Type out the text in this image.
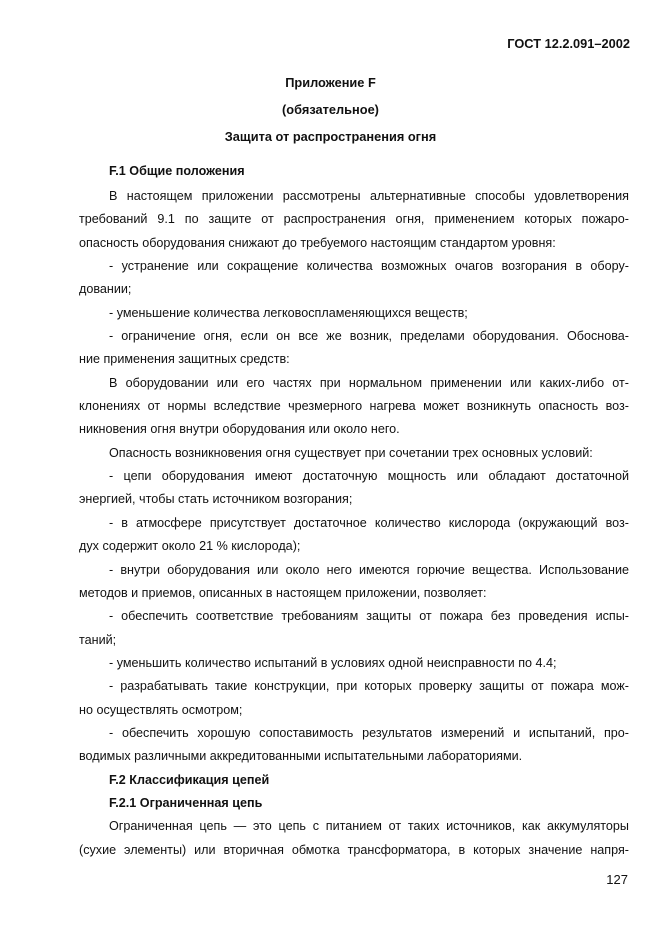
ГОСТ 12.2.091–2002
Приложение F
(обязательное)
Защита от распространения огня
F.1 Общие положения
В настоящем приложении рассмотрены альтернативные способы удовлетворения
требований 9.1 по защите от распространения огня, применением которых пожаро-
опасность оборудования снижают до требуемого настоящим стандартом уровня:
- устранение или сокращение количества возможных очагов возгорания в обору-
довании;
- уменьшение количества легковоспламеняющихся веществ;
- ограничение огня, если он все же возник, пределами оборудования. Обоснова-
ние применения защитных средств:
В оборудовании или его частях при нормальном применении или каких-либо от-
клонениях от нормы вследствие чрезмерного нагрева может возникнуть опасность воз-
никновения огня внутри оборудования или около него.
Опасность возникновения огня существует при сочетании трех основных условий:
- цепи оборудования имеют достаточную мощность или обладают достаточной
энергией, чтобы стать источником возгорания;
- в атмосфере присутствует достаточное количество кислорода (окружающий воз-
дух содержит около 21 % кислорода);
- внутри оборудования или около него имеются горючие вещества. Использование
методов и приемов, описанных в настоящем приложении, позволяет:
- обеспечить соответствие требованиям защиты от пожара без проведения испы-
таний;
- уменьшить количество испытаний в условиях одной неисправности по 4.4;
- разрабатывать такие конструкции, при которых проверку защиты от пожара мож-
но осуществлять осмотром;
- обеспечить хорошую сопоставимость результатов измерений и испытаний, про-
водимых различными аккредитованными испытательными лабораториями.
F.2 Классификация цепей
F.2.1 Ограниченная цепь
Ограниченная цепь — это цепь с питанием от таких источников, как аккумуляторы
(сухие элементы) или вторичная обмотка трансформатора, в которых значение напря-
127
